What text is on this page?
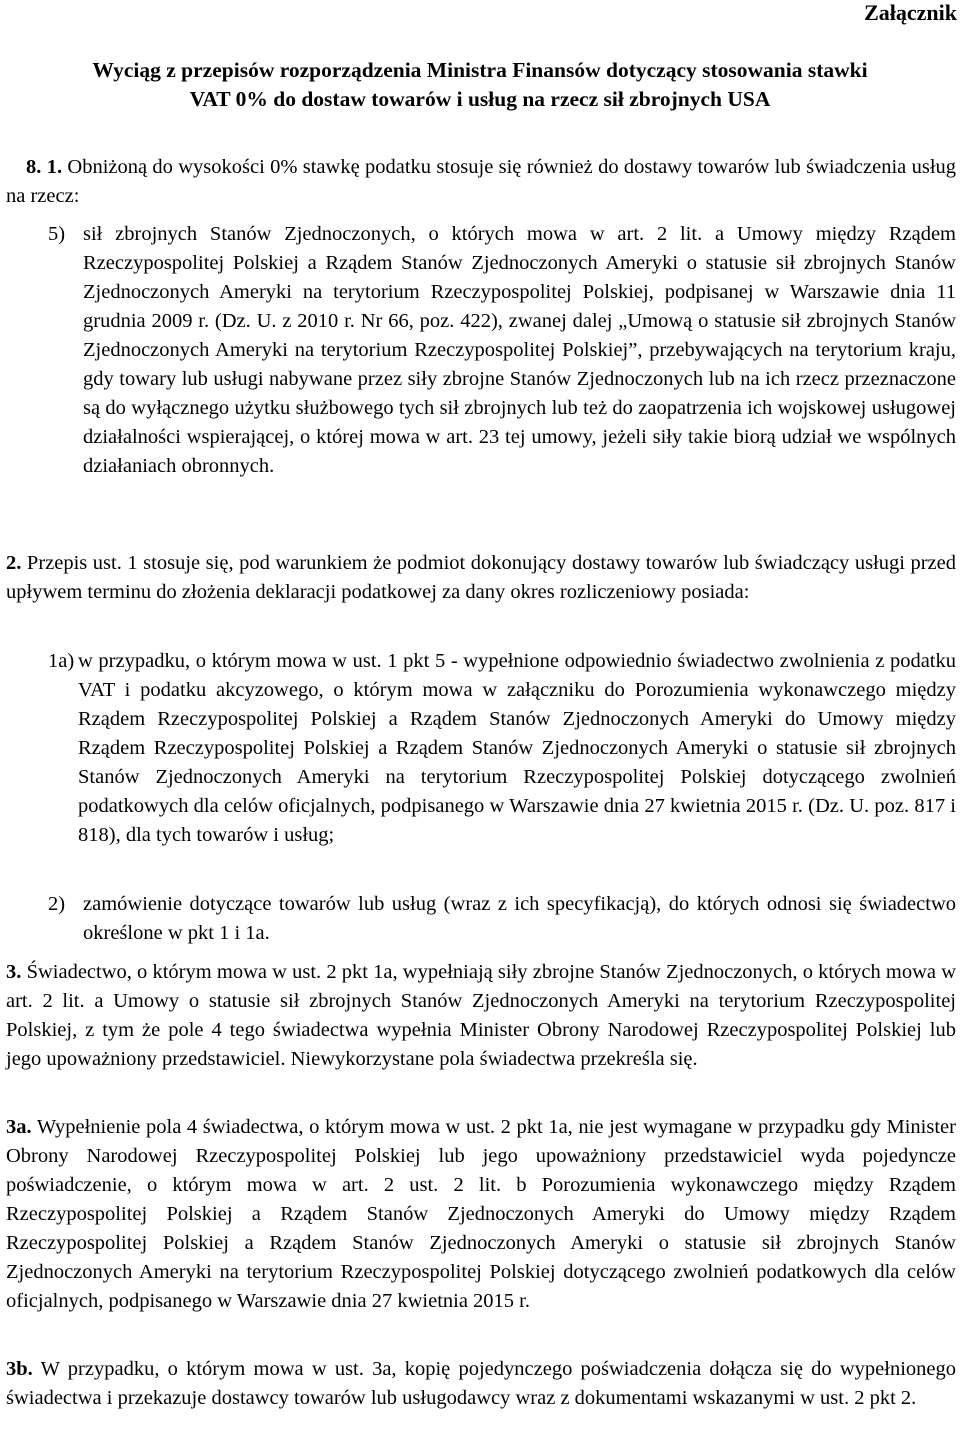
Załącznik
Wyciąg z przepisów rozporządzenia Ministra Finansów dotyczący stosowania stawki
VAT 0% do dostaw towarów i usług na rzecz sił zbrojnych USA

8. 1. Obniżoną do wysokości 0% stawkę podatku stosuje się również do dostawy towarów lub świadczenia usług na rzecz:

5) sił zbrojnych Stanów Zjednoczonych, o których mowa w art. 2 lit. a Umowy między Rządem Rzeczypospolitej Polskiej a Rządem Stanów Zjednoczonych Ameryki o statusie sił zbrojnych Stanów Zjednoczonych Ameryki na terytorium Rzeczypospolitej Polskiej, podpisanej w Warszawie dnia 11 grudnia 2009 r. (Dz. U. z 2010 r. Nr 66, poz. 422), zwanej dalej „Umową o statusie sił zbrojnych Stanów Zjednoczonych Ameryki na terytorium Rzeczypospolitej Polskiej”, przebywających na terytorium kraju, gdy towary lub usługi nabywane przez siły zbrojne Stanów Zjednoczonych lub na ich rzecz przeznaczone są do wyłącznego użytku służbowego tych sił zbrojnych lub też do zaopatrzenia ich wojskowej usługowej działalności wspierającej, o której mowa w art. 23 tej umowy, jeżeli siły takie biorą udział we wspólnych działaniach obronnych.

2. Przepis ust. 1 stosuje się, pod warunkiem że podmiot dokonujący dostawy towarów lub świadczący usługi przed upływem terminu do złożenia deklaracji podatkowej za dany okres rozliczeniowy posiada:

1a) w przypadku, o którym mowa w ust. 1 pkt 5 - wypełnione odpowiednio świadectwo zwolnienia z podatku VAT i podatku akcyzowego, o którym mowa w załączniku do Porozumienia wykonawczego między Rządem Rzeczypospolitej Polskiej a Rządem Stanów Zjednoczonych Ameryki do Umowy między Rządem Rzeczypospolitej Polskiej a Rządem Stanów Zjednoczonych Ameryki o statusie sił zbrojnych Stanów Zjednoczonych Ameryki na terytorium Rzeczypospolitej Polskiej dotyczącego zwolnień podatkowych dla celów oficjalnych, podpisanego w Warszawie dnia 27 kwietnia 2015 r. (Dz. U. poz. 817 i 818), dla tych towarów i usług;
2) zamówienie dotyczące towarów lub usług (wraz z ich specyfikacją), do których odnosi się świadectwo określone w pkt 1 i 1a.

3. Świadectwo, o którym mowa w ust. 2 pkt 1a, wypełniają siły zbrojne Stanów Zjednoczonych, o których mowa w art. 2 lit. a Umowy o statusie sił zbrojnych Stanów Zjednoczonych Ameryki na terytorium Rzeczypospolitej Polskiej, z tym że pole 4 tego świadectwa wypełnia Minister Obrony Narodowej Rzeczypospolitej Polskiej lub jego upoważniony przedstawiciel. Niewykorzystane pola świadectwa przekreśla się.

3a. Wypełnienie pola 4 świadectwa, o którym mowa w ust. 2 pkt 1a, nie jest wymagane w przypadku gdy Minister Obrony Narodowej Rzeczypospolitej Polskiej lub jego upoważniony przedstawiciel wyda pojedyncze poświadczenie, o którym mowa w art. 2 ust. 2 lit. b Porozumienia wykonawczego między Rządem Rzeczypospolitej Polskiej a Rządem Stanów Zjednoczonych Ameryki do Umowy między Rządem Rzeczypospolitej Polskiej a Rządem Stanów Zjednoczonych Ameryki o statusie sił zbrojnych Stanów Zjednoczonych Ameryki na terytorium Rzeczypospolitej Polskiej dotyczącego zwolnień podatkowych dla celów oficjalnych, podpisanego w Warszawie dnia 27 kwietnia 2015 r.

3b. W przypadku, o którym mowa w ust. 3a, kopię pojedynczego poświadczenia dołącza się do wypełnionego świadectwa i przekazuje dostawcy towarów lub usługodawcy wraz z dokumentami wskazanymi w ust. 2 pkt 2.
